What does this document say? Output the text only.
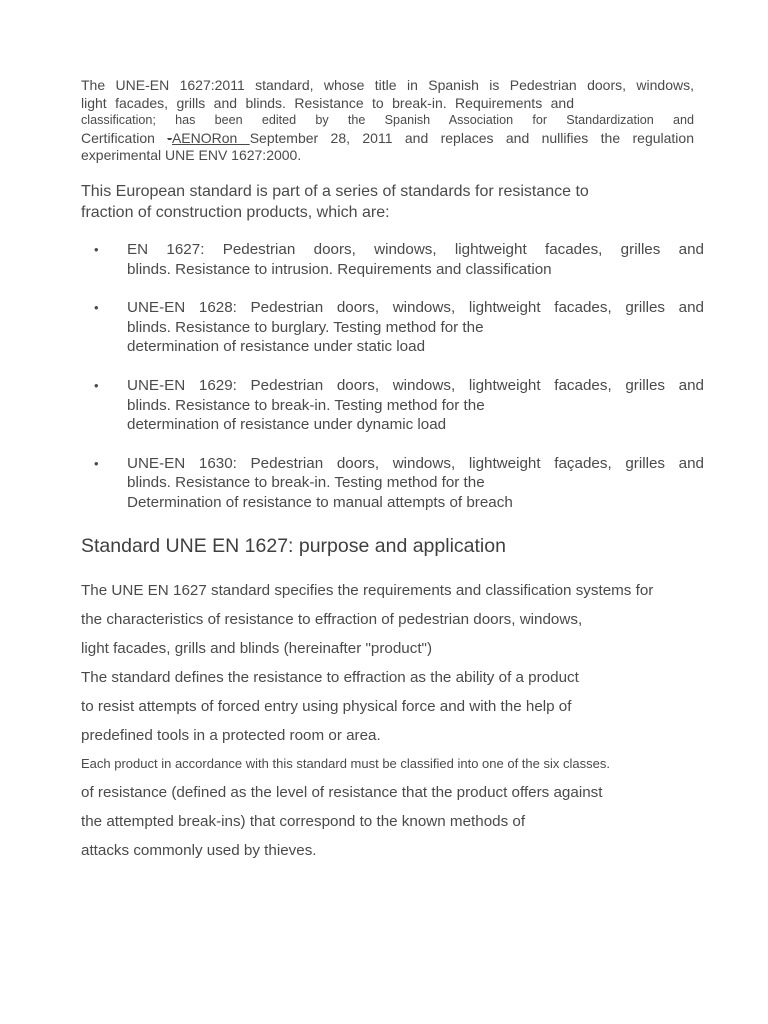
The UNE-EN 1627:2011 standard, whose title in Spanish is Pedestrian doors, windows,
light facades, grills and blinds. Resistance to break-in. Requirements and
classification; has been edited by the Spanish Association for Standardization and
Certification -AENORon September 28, 2011 and replaces and nullifies the regulation
experimental UNE ENV 1627:2000.
This European standard is part of a series of standards for resistance to
fraction of construction products, which are:
• EN 1627: Pedestrian doors, windows, lightweight facades, grilles and
blinds. Resistance to intrusion. Requirements and classification
• UNE-EN 1628: Pedestrian doors, windows, lightweight facades, grilles and
blinds. Resistance to burglary. Testing method for the
determination of resistance under static load
• UNE-EN 1629: Pedestrian doors, windows, lightweight facades, grilles and
blinds. Resistance to break-in. Testing method for the
determination of resistance under dynamic load
• UNE-EN 1630: Pedestrian doors, windows, lightweight façades, grilles and
blinds. Resistance to break-in. Testing method for the
Determination of resistance to manual attempts of breach
Standard UNE EN 1627: purpose and application
The UNE EN 1627 standard specifies the requirements and classification systems for
the characteristics of resistance to effraction of pedestrian doors, windows,
light facades, grills and blinds (hereinafter "product")
The standard defines the resistance to effraction as the ability of a product
to resist attempts of forced entry using physical force and with the help of
predefined tools in a protected room or area.
Each product in accordance with this standard must be classified into one of the six classes.
of resistance (defined as the level of resistance that the product offers against
the attempted break-ins) that correspond to the known methods of
attacks commonly used by thieves.
